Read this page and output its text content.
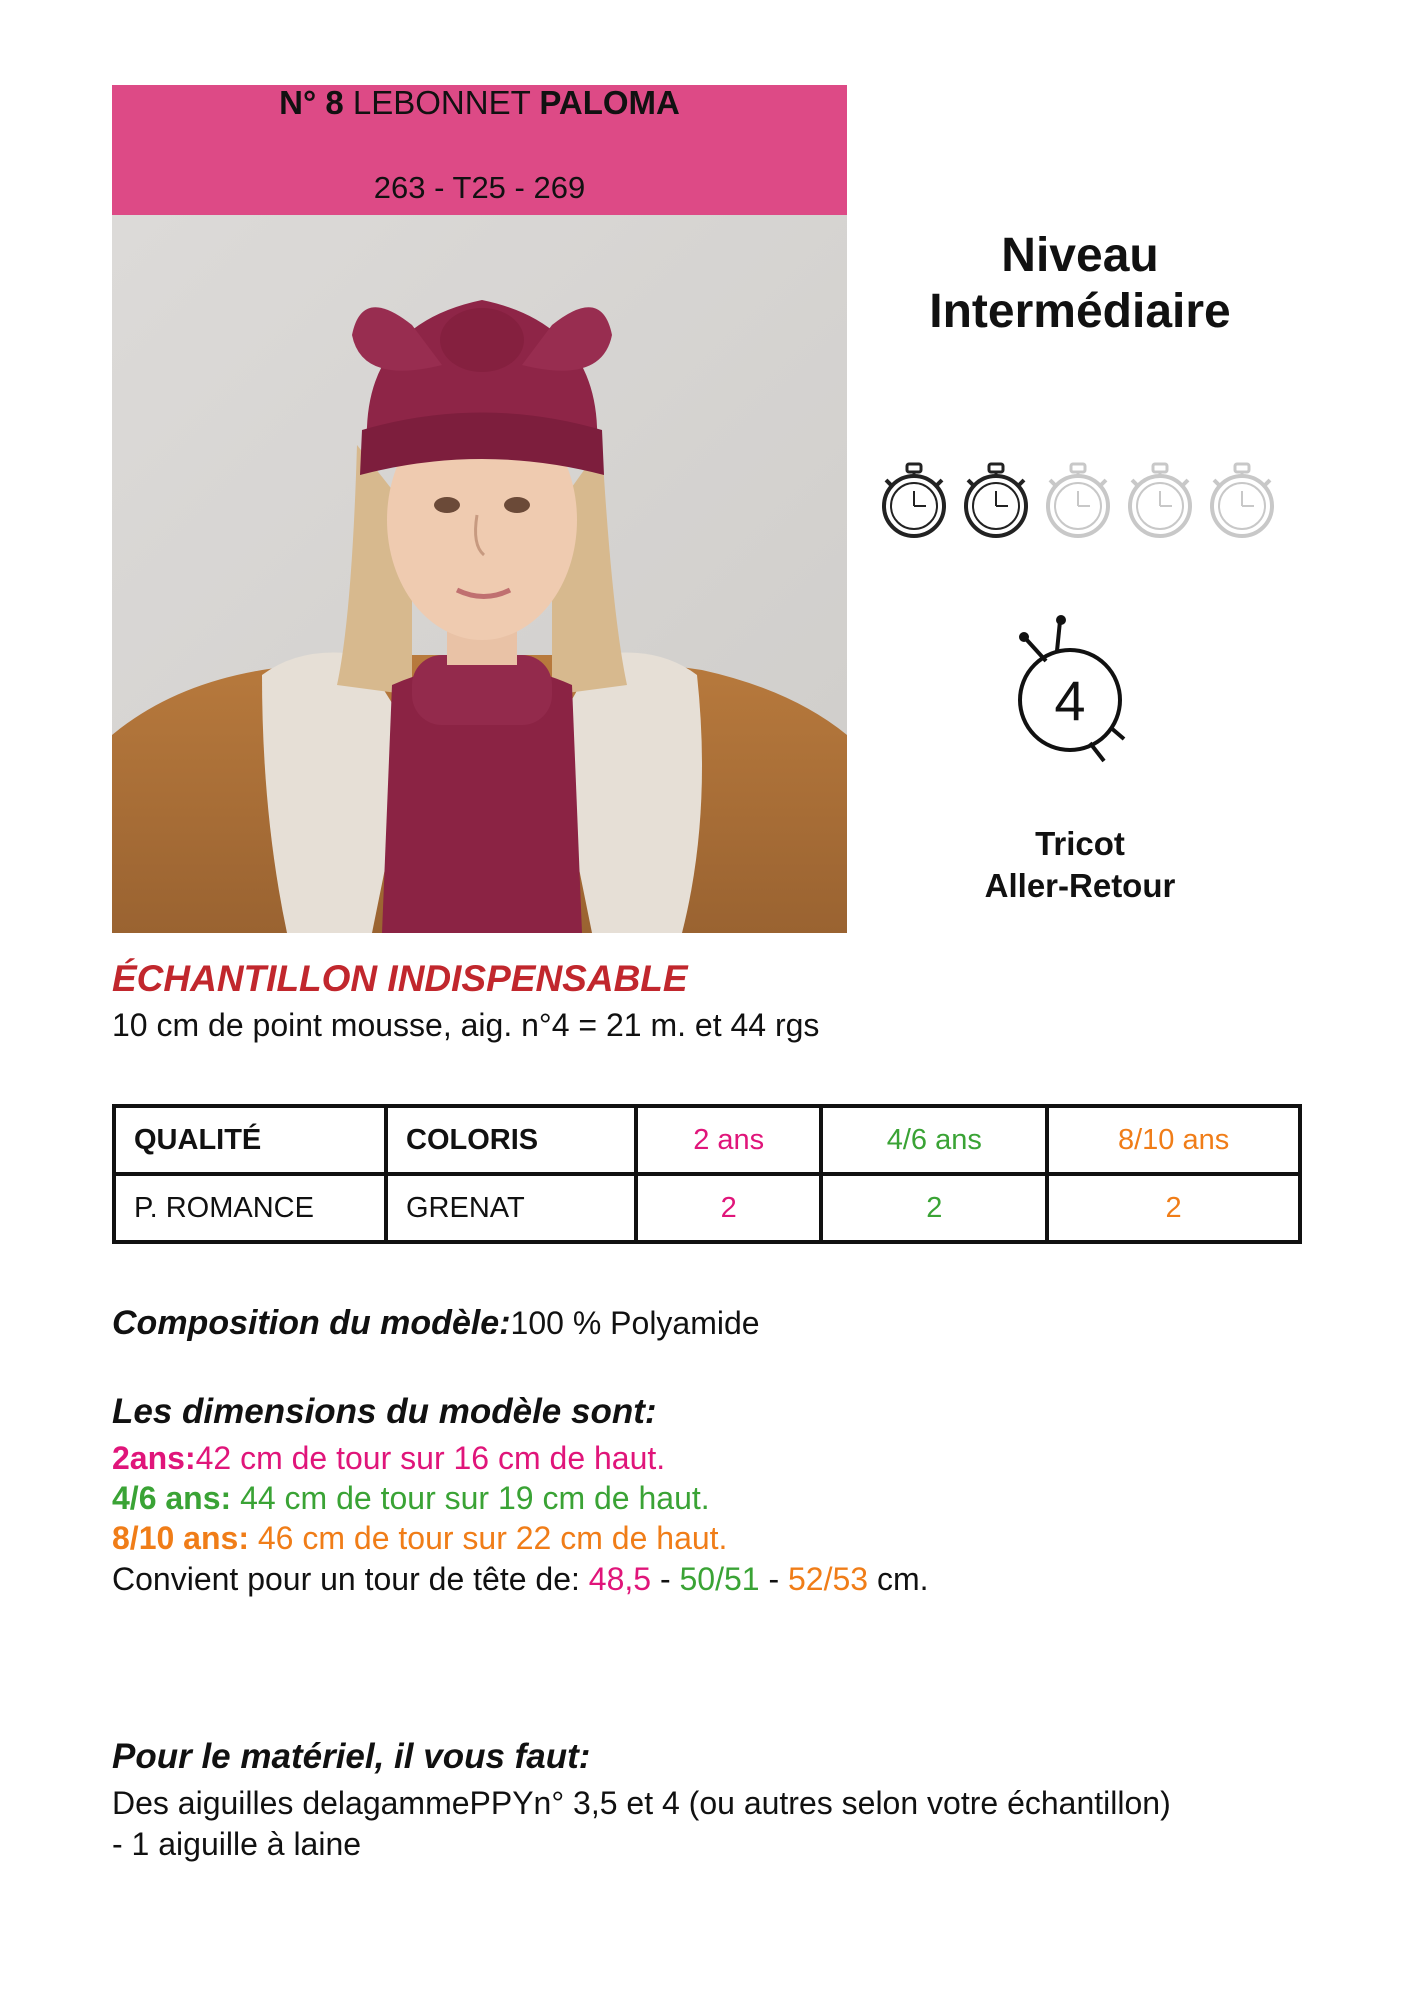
N° 8 LEBONNET PALOMA
263 - T25 - 269
Niveau
Intermédiaire
4
Tricot
Aller-Retour
ÉCHANTILLON INDISPENSABLE
10 cm de point mousse, aig. n°4 = 21 m. et 44 rgs
QUALITÉ	COLORIS	2 ans	4/6 ans	8/10 ans
P. ROMANCE	GRENAT	2	2	2
Composition du modèle:100 % Polyamide
Les dimensions du modèle sont:
2ans:42 cm de tour sur 16 cm de haut.
4/6 ans: 44 cm de tour sur 19 cm de haut.
8/10 ans: 46 cm de tour sur 22 cm de haut.
Convient pour un tour de tête de: 48,5 - 50/51 - 52/53 cm.
Pour le matériel, il vous faut:
Des aiguilles delagammePPYn° 3,5 et 4 (ou autres selon votre échantillon)
- 1 aiguille à laine
